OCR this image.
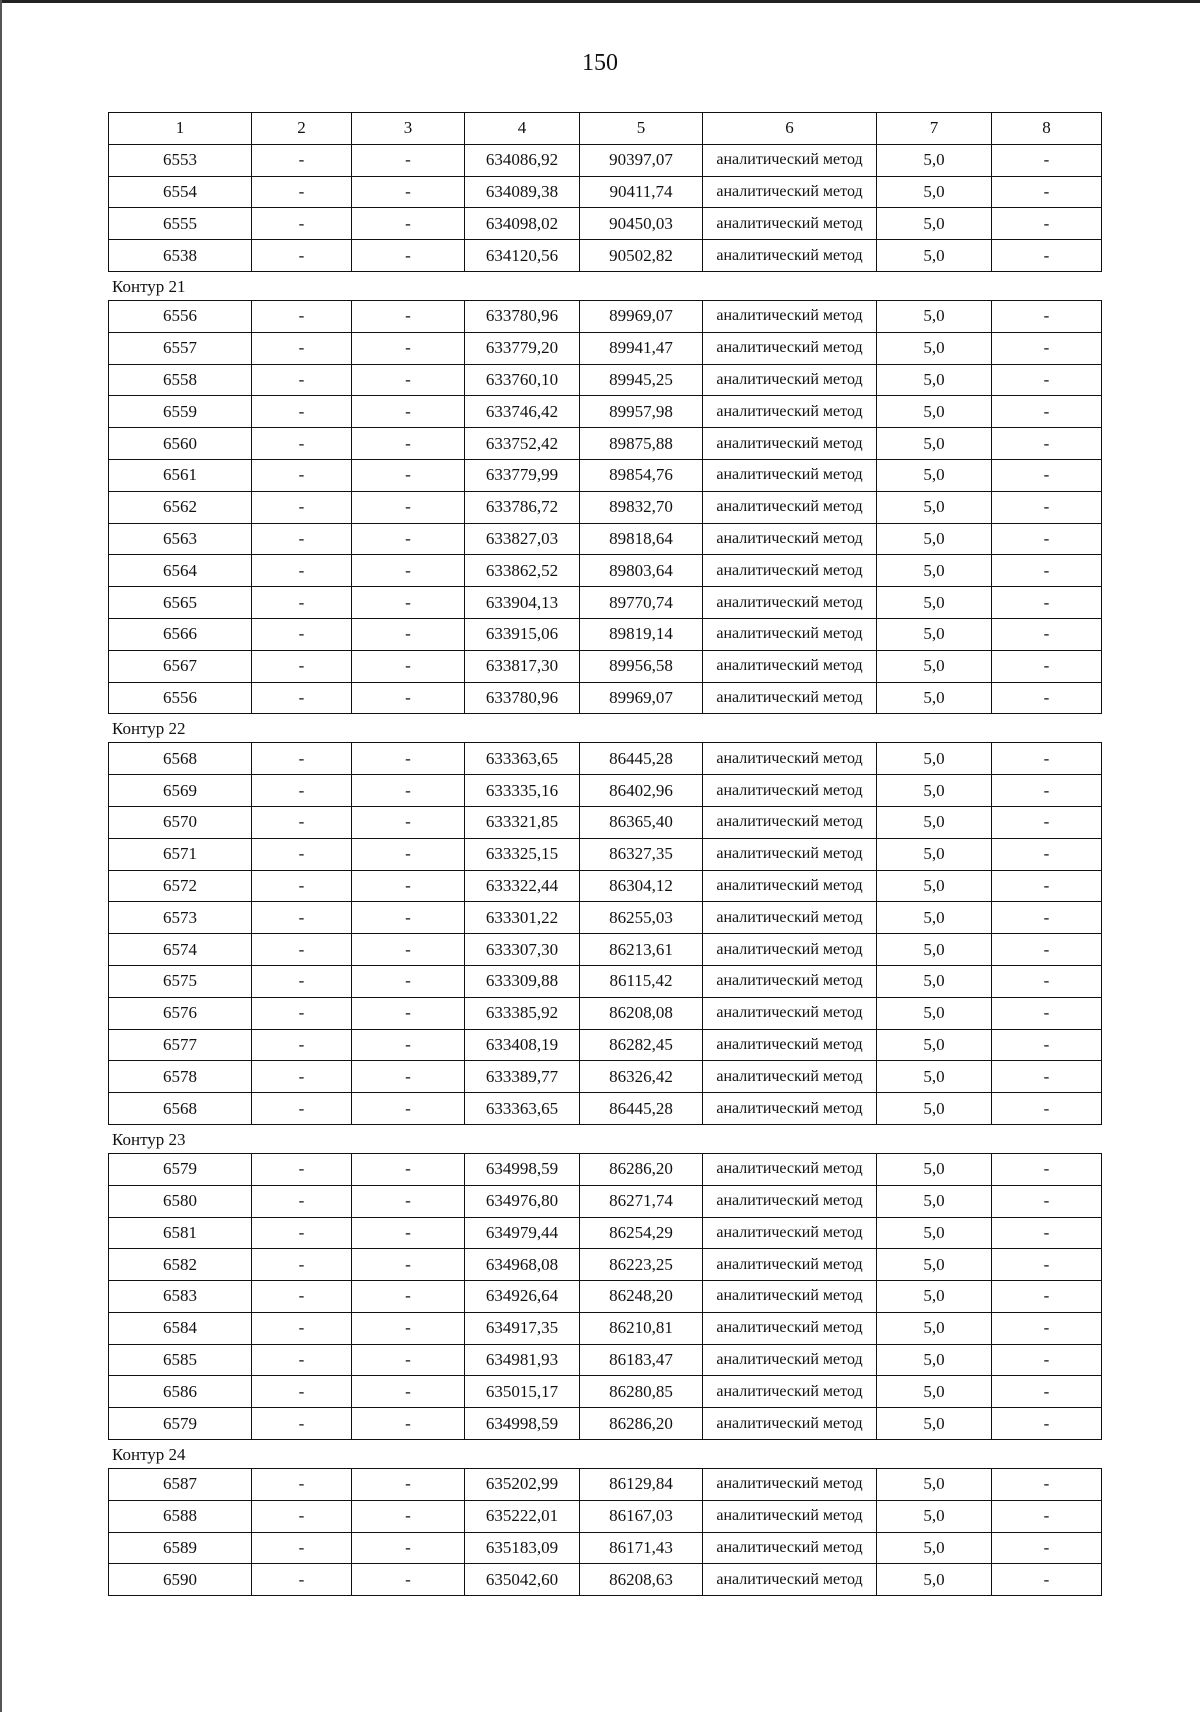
150
1	2	3	4	5	6	7	8
6553	-	-	634086,92	90397,07	аналитический метод	5,0	-
6554	-	-	634089,38	90411,74	аналитический метод	5,0	-
6555	-	-	634098,02	90450,03	аналитический метод	5,0	-
6538	-	-	634120,56	90502,82	аналитический метод	5,0	-
Контур 21
6556	-	-	633780,96	89969,07	аналитический метод	5,0	-
6557	-	-	633779,20	89941,47	аналитический метод	5,0	-
6558	-	-	633760,10	89945,25	аналитический метод	5,0	-
6559	-	-	633746,42	89957,98	аналитический метод	5,0	-
6560	-	-	633752,42	89875,88	аналитический метод	5,0	-
6561	-	-	633779,99	89854,76	аналитический метод	5,0	-
6562	-	-	633786,72	89832,70	аналитический метод	5,0	-
6563	-	-	633827,03	89818,64	аналитический метод	5,0	-
6564	-	-	633862,52	89803,64	аналитический метод	5,0	-
6565	-	-	633904,13	89770,74	аналитический метод	5,0	-
6566	-	-	633915,06	89819,14	аналитический метод	5,0	-
6567	-	-	633817,30	89956,58	аналитический метод	5,0	-
6556	-	-	633780,96	89969,07	аналитический метод	5,0	-
Контур 22
6568	-	-	633363,65	86445,28	аналитический метод	5,0	-
6569	-	-	633335,16	86402,96	аналитический метод	5,0	-
6570	-	-	633321,85	86365,40	аналитический метод	5,0	-
6571	-	-	633325,15	86327,35	аналитический метод	5,0	-
6572	-	-	633322,44	86304,12	аналитический метод	5,0	-
6573	-	-	633301,22	86255,03	аналитический метод	5,0	-
6574	-	-	633307,30	86213,61	аналитический метод	5,0	-
6575	-	-	633309,88	86115,42	аналитический метод	5,0	-
6576	-	-	633385,92	86208,08	аналитический метод	5,0	-
6577	-	-	633408,19	86282,45	аналитический метод	5,0	-
6578	-	-	633389,77	86326,42	аналитический метод	5,0	-
6568	-	-	633363,65	86445,28	аналитический метод	5,0	-
Контур 23
6579	-	-	634998,59	86286,20	аналитический метод	5,0	-
6580	-	-	634976,80	86271,74	аналитический метод	5,0	-
6581	-	-	634979,44	86254,29	аналитический метод	5,0	-
6582	-	-	634968,08	86223,25	аналитический метод	5,0	-
6583	-	-	634926,64	86248,20	аналитический метод	5,0	-
6584	-	-	634917,35	86210,81	аналитический метод	5,0	-
6585	-	-	634981,93	86183,47	аналитический метод	5,0	-
6586	-	-	635015,17	86280,85	аналитический метод	5,0	-
6579	-	-	634998,59	86286,20	аналитический метод	5,0	-
Контур 24
6587	-	-	635202,99	86129,84	аналитический метод	5,0	-
6588	-	-	635222,01	86167,03	аналитический метод	5,0	-
6589	-	-	635183,09	86171,43	аналитический метод	5,0	-
6590	-	-	635042,60	86208,63	аналитический метод	5,0	-
